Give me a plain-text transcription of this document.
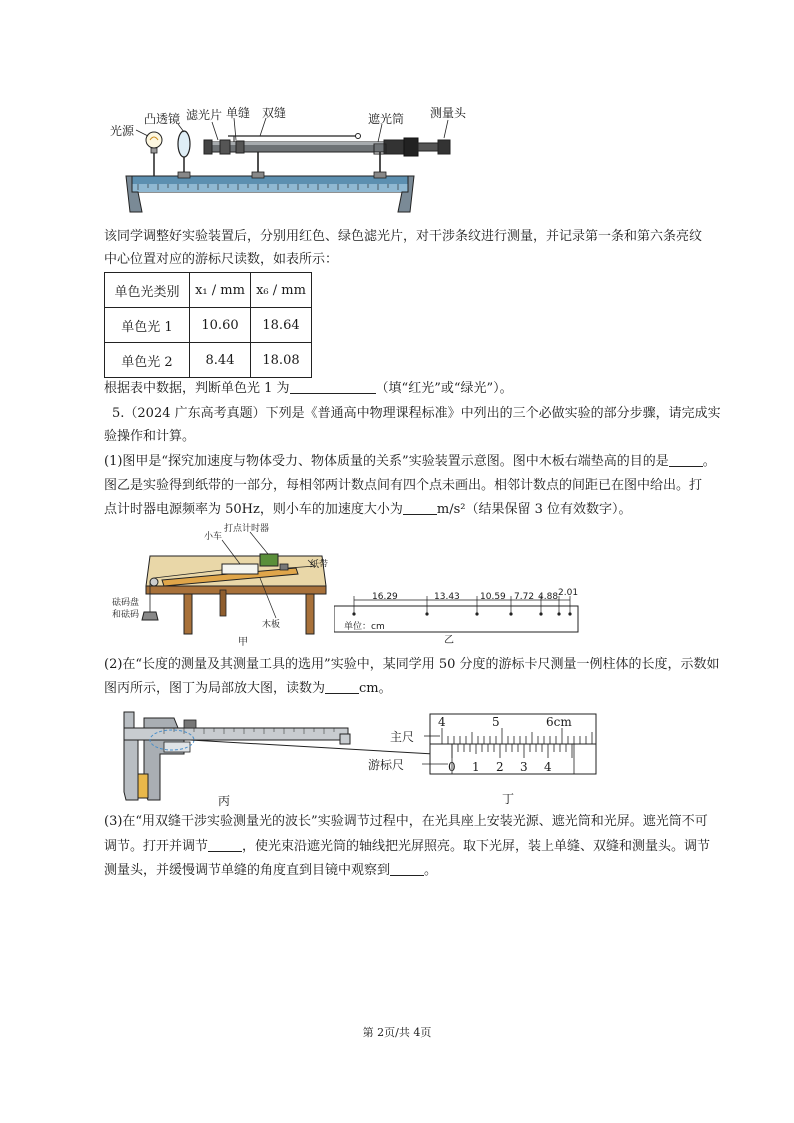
光源
凸透镜 滤光片 单缝 双缝	遮光筒 测量头
该同学调整好实验装置后，分别用红色、绿色滤光片，对干涉条纹进行测量，并记录第一条和第六条亮纹
中心位置对应的游标尺读数，如表所示：
单色光类别	x₁ / mm	x₆ / mm
单色光 1	10.60	18.64
单色光 2	8.44	18.08
根据表中数据，判断单色光 1 为	（填“红光”或“绿光”）。
5.（2024 广东高考真题）下列是《普通高中物理课程标准》中列出的三个必做实验的部分步骤，请完成实
验操作和计算。
(1)图甲是“探究加速度与物体受力、物体质量的关系”实验装置示意图。图中木板右端垫高的目的是	。
图乙是实验得到纸带的一部分，每相邻两计数点间有四个点未画出。相邻计数点的间距已在图中给出。打
点计时器电源频率为 50Hz，则小车的加速度大小为	m/s²（结果保留 3 位有效数字）。
小车
打点计时器
纸带
砝码盘
和砝码
木板
甲
16.29	13.43 10.59 7.72 4.88 2.01
单位：cm
乙
(2)在“长度的测量及其测量工具的选用”实验中，某同学用 50 分度的游标卡尺测量一例柱体的长度，示数如
图丙所示，图丁为局部放大图，读数为	cm。
丙
4	5	6cm
0 1 2 3 4
主尺
游标尺
丁
(3)在“用双缝干涉实验测量光的波长”实验调节过程中，在光具座上安装光源、遮光筒和光屏。遮光筒不可
调节。打开并调节	，使光束沿遮光筒的轴线把光屏照亮。取下光屏，装上单缝、双缝和测量头。调节
测量头，并缓慢调节单缝的角度直到目镜中观察到	。
第 2页/共 4页
